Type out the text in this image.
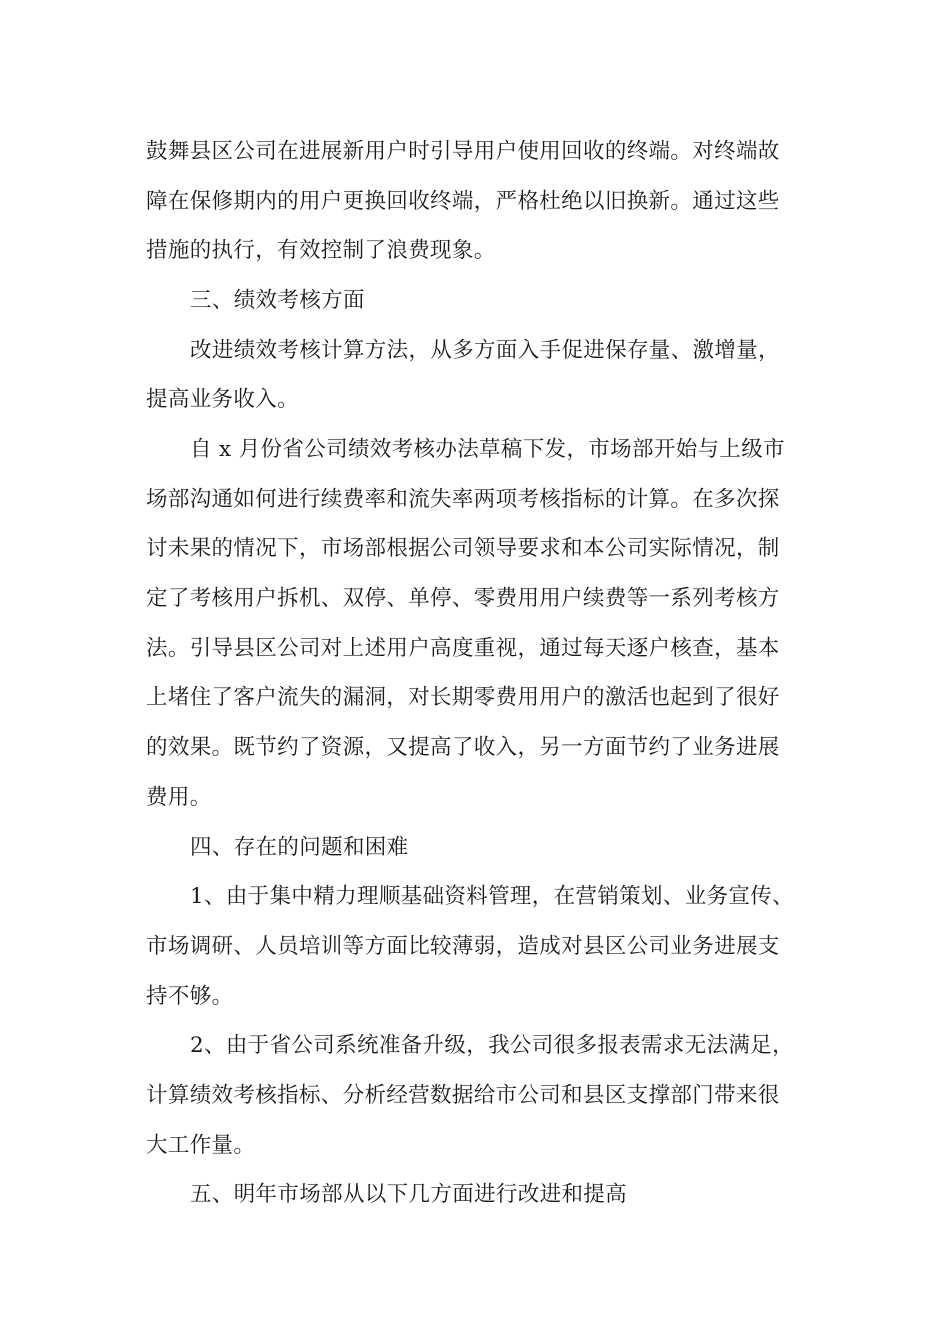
鼓舞县区公司在进展新用户时引导用户使用回收的终端。对终端故
障在保修期内的用户更换回收终端，严格杜绝以旧换新。通过这些
措施的执行，有效控制了浪费现象。
三、绩效考核方面
改进绩效考核计算方法，从多方面入手促进保存量、激增量，
提高业务收入。
自 x 月份省公司绩效考核办法草稿下发，市场部开始与上级市
场部沟通如何进行续费率和流失率两项考核指标的计算。在多次探
讨未果的情况下，市场部根据公司领导要求和本公司实际情况，制
定了考核用户拆机、双停、单停、零费用用户续费等一系列考核方
法。引导县区公司对上述用户高度重视，通过每天逐户核查，基本
上堵住了客户流失的漏洞，对长期零费用用户的激活也起到了很好
的效果。既节约了资源，又提高了收入，另一方面节约了业务进展
费用。
四、存在的问题和困难
1、由于集中精力理顺基础资料管理，在营销策划、业务宣传、
市场调研、人员培训等方面比较薄弱，造成对县区公司业务进展支
持不够。
2、由于省公司系统准备升级，我公司很多报表需求无法满足，
计算绩效考核指标、分析经营数据给市公司和县区支撑部门带来很
大工作量。
五、明年市场部从以下几方面进行改进和提高
